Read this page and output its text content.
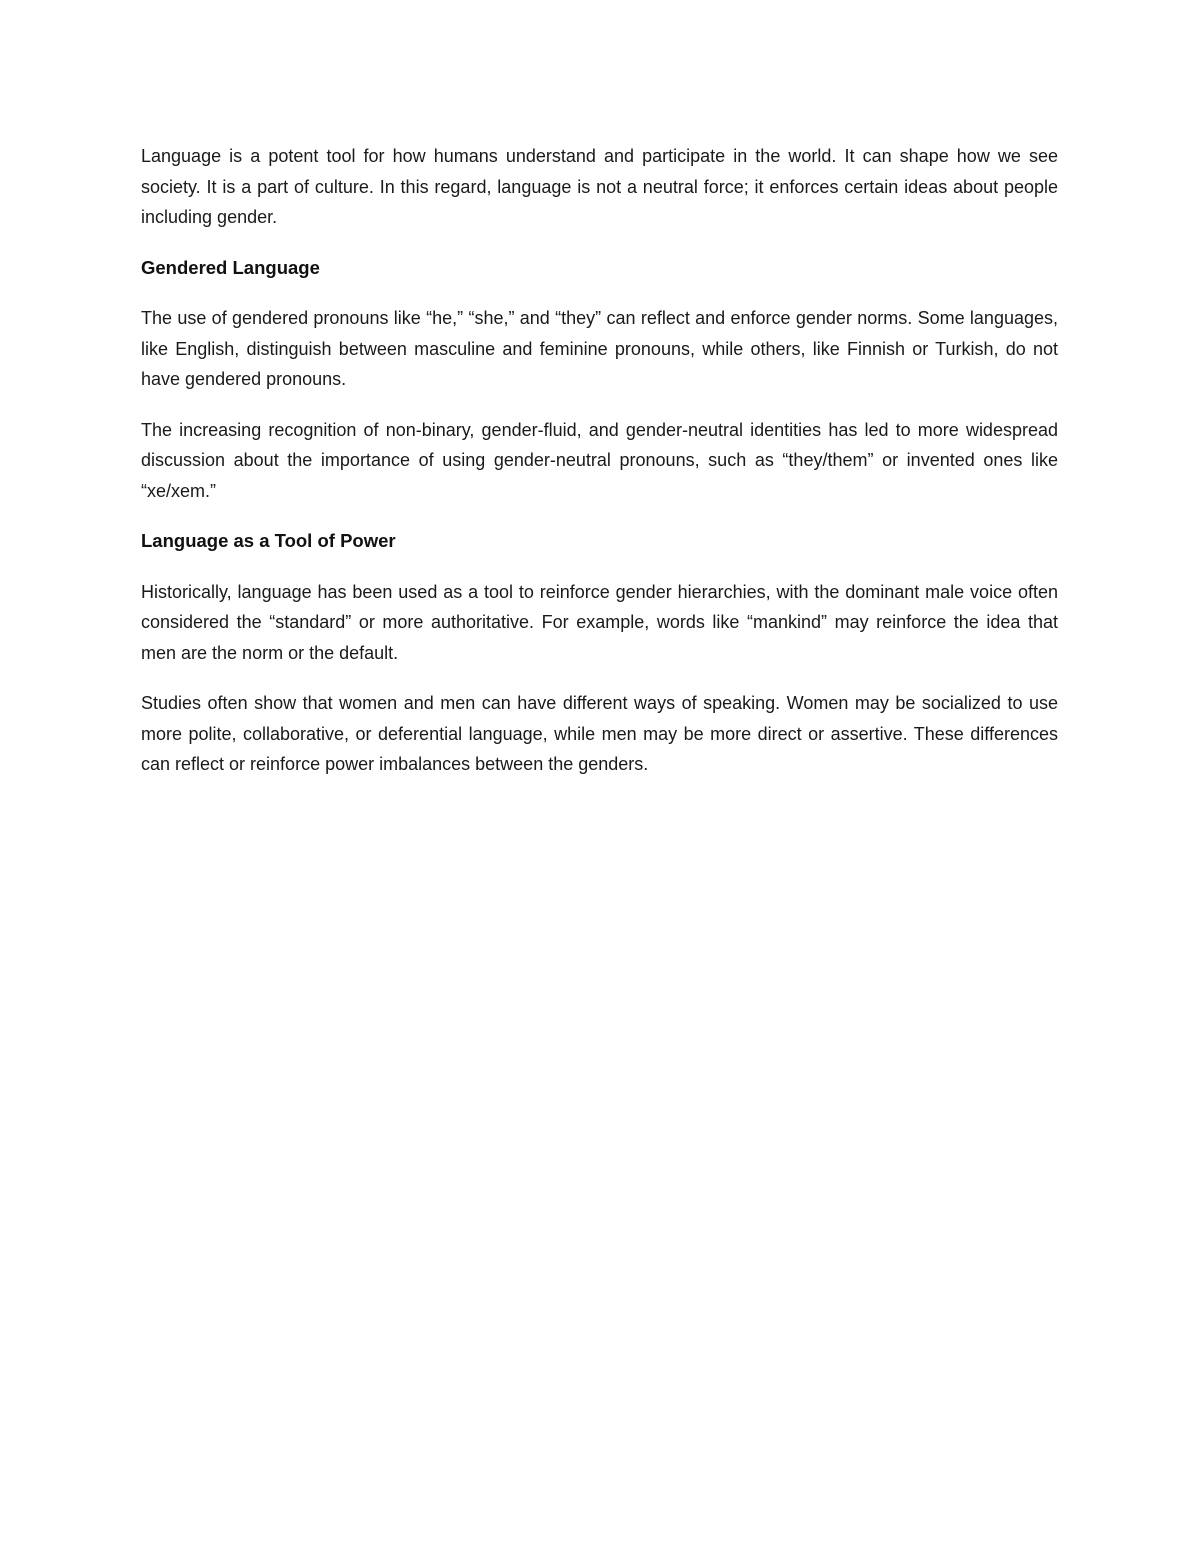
Language is a potent tool for how humans understand and participate in the world. It can shape how we see society. It is a part of culture. In this regard, language is not a neutral force; it enforces certain ideas about people including gender.

Gendered Language

The use of gendered pronouns like “he,” “she,” and “they” can reflect and enforce gender norms. Some languages, like English, distinguish between masculine and feminine pronouns, while others, like Finnish or Turkish, do not have gendered pronouns.

The increasing recognition of non-binary, gender-fluid, and gender-neutral identities has led to more widespread discussion about the importance of using gender-neutral pronouns, such as “they/them” or invented ones like “xe/xem.”

Language as a Tool of Power

Historically, language has been used as a tool to reinforce gender hierarchies, with the dominant male voice often considered the “standard” or more authoritative. For example, words like “mankind” may reinforce the idea that men are the norm or the default.

Studies often show that women and men can have different ways of speaking. Women may be socialized to use more polite, collaborative, or deferential language, while men may be more direct or assertive. These differences can reflect or reinforce power imbalances between the genders.
